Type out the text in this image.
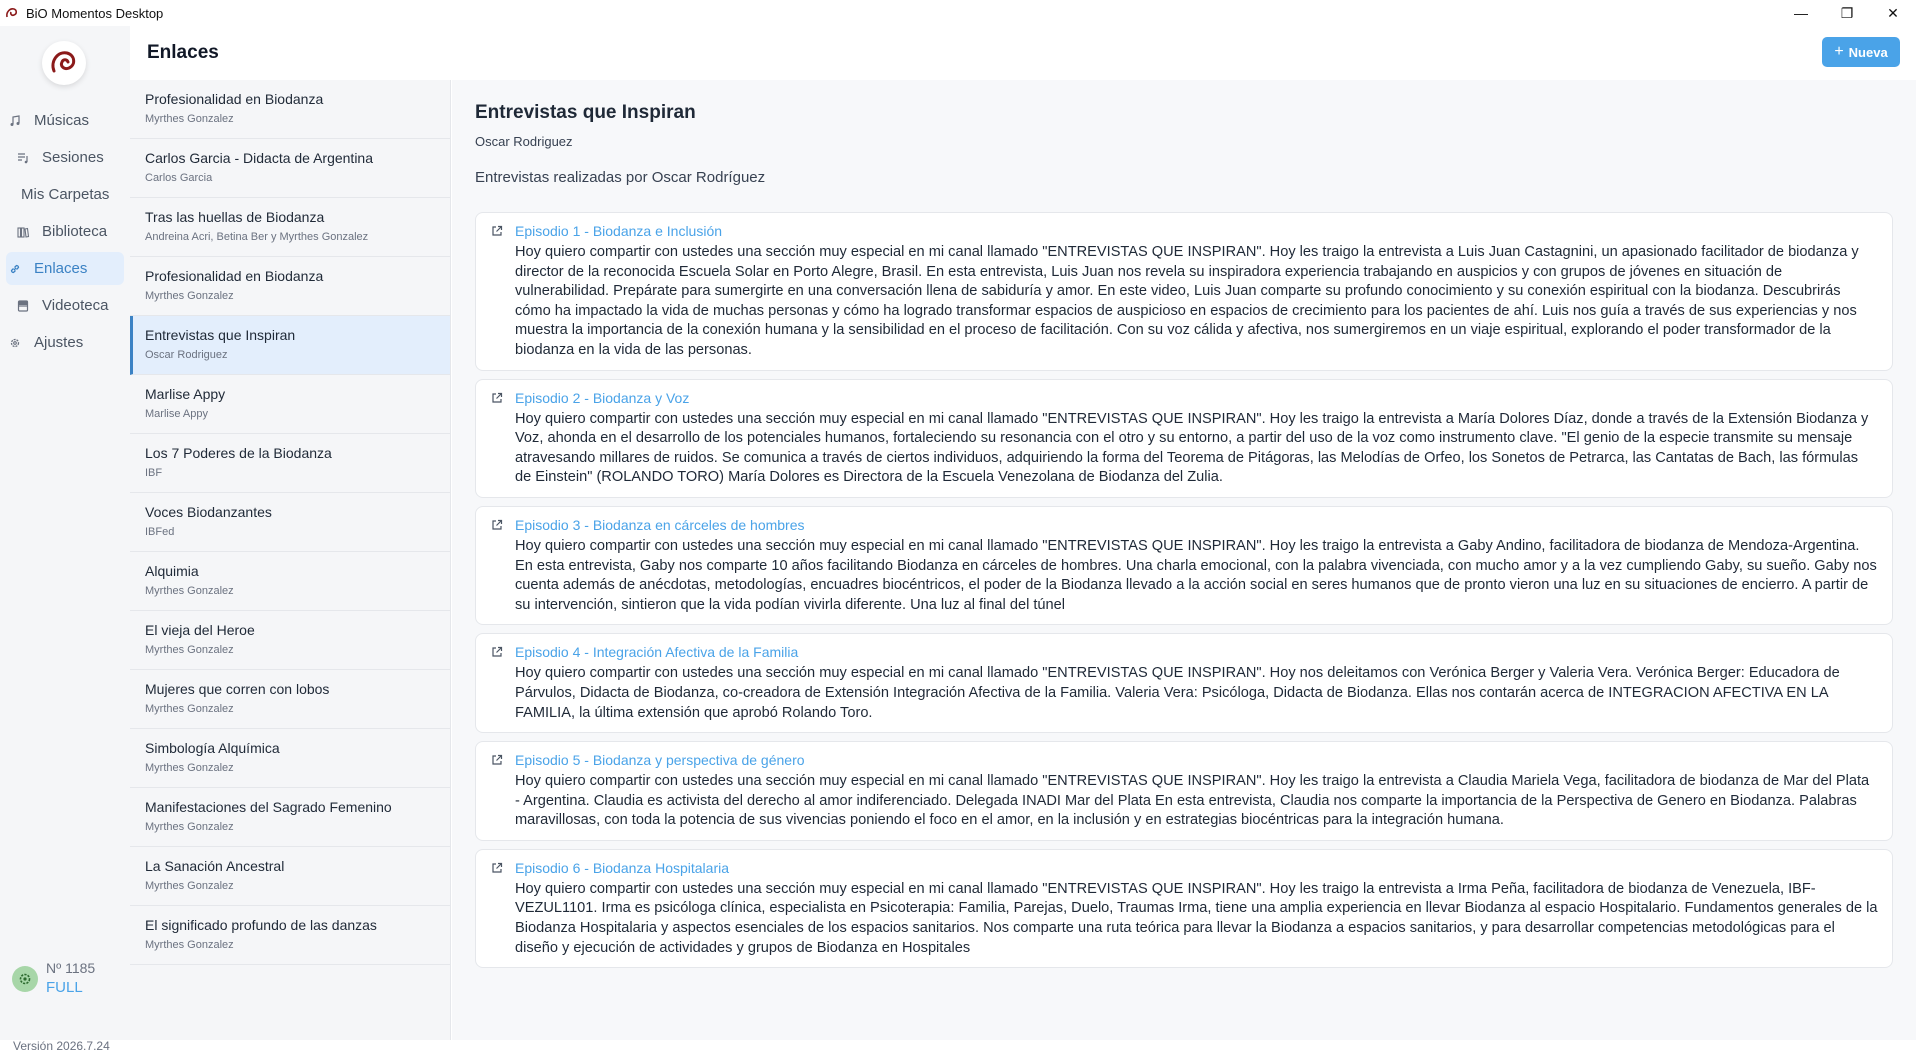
BiO Momentos Desktop	—	❐	✕
Músicas
Sesiones
Mis Carpetas
Biblioteca
Enlaces
Videoteca
Ajustes
Nº 1185
FULL
Versión 2026.7.24
Enlaces	+ Nueva
Profesionalidad en Biodanza
Myrthes Gonzalez
Carlos Garcia - Didacta de Argentina
Carlos Garcia
Tras las huellas de Biodanza
Andreina Acri, Betina Ber y Myrthes Gonzalez
Profesionalidad en Biodanza
Myrthes Gonzalez
Entrevistas que Inspiran
Oscar Rodriguez
Marlise Appy
Marlise Appy
Los 7 Poderes de la Biodanza
IBF
Voces Biodanzantes
IBFed
Alquimia
Myrthes Gonzalez
El vieja del Heroe
Myrthes Gonzalez
Mujeres que corren con lobos
Myrthes Gonzalez
Simbología Alquímica
Myrthes Gonzalez
Manifestaciones del Sagrado Femenino
Myrthes Gonzalez
La Sanación Ancestral
Myrthes Gonzalez
El significado profundo de las danzas
Myrthes Gonzalez
Entrevistas que Inspiran
Oscar Rodriguez
Entrevistas realizadas por Oscar Rodríguez
Episodio 1 - Biodanza e Inclusión
Hoy quiero compartir con ustedes una sección muy especial en mi canal llamado "ENTREVISTAS QUE INSPIRAN". Hoy les traigo la entrevista a Luis Juan Castagnini, un apasionado facilitador de biodanza y director de la reconocida Escuela Solar en Porto Alegre, Brasil. En esta entrevista, Luis Juan nos revela su inspiradora experiencia trabajando en auspicios y con grupos de jóvenes en situación de vulnerabilidad. Prepárate para sumergirte en una conversación llena de sabiduría y amor. En este video, Luis Juan comparte su profundo conocimiento y su conexión espiritual con la biodanza. Descubrirás cómo ha impactado la vida de muchas personas y cómo ha logrado transformar espacios de auspicioso en espacios de crecimiento para los pacientes de ahí. Luis nos guía a través de sus experiencias y nos muestra la importancia de la conexión humana y la sensibilidad en el proceso de facilitación. Con su voz cálida y afectiva, nos sumergiremos en un viaje espiritual, explorando el poder transformador de la biodanza en la vida de las personas.
Episodio 2 - Biodanza y Voz
Hoy quiero compartir con ustedes una sección muy especial en mi canal llamado "ENTREVISTAS QUE INSPIRAN". Hoy les traigo la entrevista a María Dolores Díaz, donde a través de la Extensión Biodanza y Voz, ahonda en el desarrollo de los potenciales humanos, fortaleciendo su resonancia con el otro y su entorno, a partir del uso de la voz como instrumento clave. "El genio de la especie transmite su mensaje atravesando millares de ruidos. Se comunica a través de ciertos individuos, adquiriendo la forma del Teorema de Pitágoras, las Melodías de Orfeo, los Sonetos de Petrarca, las Cantatas de Bach, las fórmulas de Einstein" (ROLANDO TORO) María Dolores es Directora de la Escuela Venezolana de Biodanza del Zulia.
Episodio 3 - Biodanza en cárceles de hombres
Hoy quiero compartir con ustedes una sección muy especial en mi canal llamado "ENTREVISTAS QUE INSPIRAN". Hoy les traigo la entrevista a Gaby Andino, facilitadora de biodanza de Mendoza-Argentina. En esta entrevista, Gaby nos comparte 10 años facilitando Biodanza en cárceles de hombres. Una charla emocional, con la palabra vivenciada, con mucho amor y a la vez cumpliendo Gaby, su sueño. Gaby nos cuenta además de anécdotas, metodologías, encuadres biocéntricos, el poder de la Biodanza llevado a la acción social en seres humanos que de pronto vieron una luz en su situaciones de encierro. A partir de su intervención, sintieron que la vida podían vivirla diferente. Una luz al final del túnel
Episodio 4 - Integración Afectiva de la Familia
Hoy quiero compartir con ustedes una sección muy especial en mi canal llamado "ENTREVISTAS QUE INSPIRAN". Hoy nos deleitamos con Verónica Berger y Valeria Vera. Verónica Berger: Educadora de Párvulos, Didacta de Biodanza, co-creadora de Extensión Integración Afectiva de la Familia. Valeria Vera: Psicóloga, Didacta de Biodanza. Ellas nos contarán acerca de INTEGRACION AFECTIVA EN LA FAMILIA, la última extensión que aprobó Rolando Toro.
Episodio 5 - Biodanza y perspectiva de género
Hoy quiero compartir con ustedes una sección muy especial en mi canal llamado "ENTREVISTAS QUE INSPIRAN". Hoy les traigo la entrevista a Claudia Mariela Vega, facilitadora de biodanza de Mar del Plata - Argentina. Claudia es activista del derecho al amor indiferenciado. Delegada INADI Mar del Plata En esta entrevista, Claudia nos comparte la importancia de la Perspectiva de Genero en Biodanza. Palabras maravillosas, con toda la potencia de sus vivencias poniendo el foco en el amor, en la inclusión y en estrategias biocéntricas para la integración humana.
Episodio 6 - Biodanza Hospitalaria
Hoy quiero compartir con ustedes una sección muy especial en mi canal llamado "ENTREVISTAS QUE INSPIRAN". Hoy les traigo la entrevista a Irma Peña, facilitadora de biodanza de Venezuela, IBF-VEZUL1101. Irma es psicóloga clínica, especialista en Psicoterapia: Familia, Parejas, Duelo, Traumas Irma, tiene una amplia experiencia en llevar Biodanza al espacio Hospitalario. Fundamentos generales de la Biodanza Hospitalaria y aspectos esenciales de los espacios sanitarios. Nos comparte una ruta teórica para llevar la Biodanza a espacios sanitarios, y para desarrollar competencias metodológicas para el diseño y ejecución de actividades y grupos de Biodanza en Hospitales
